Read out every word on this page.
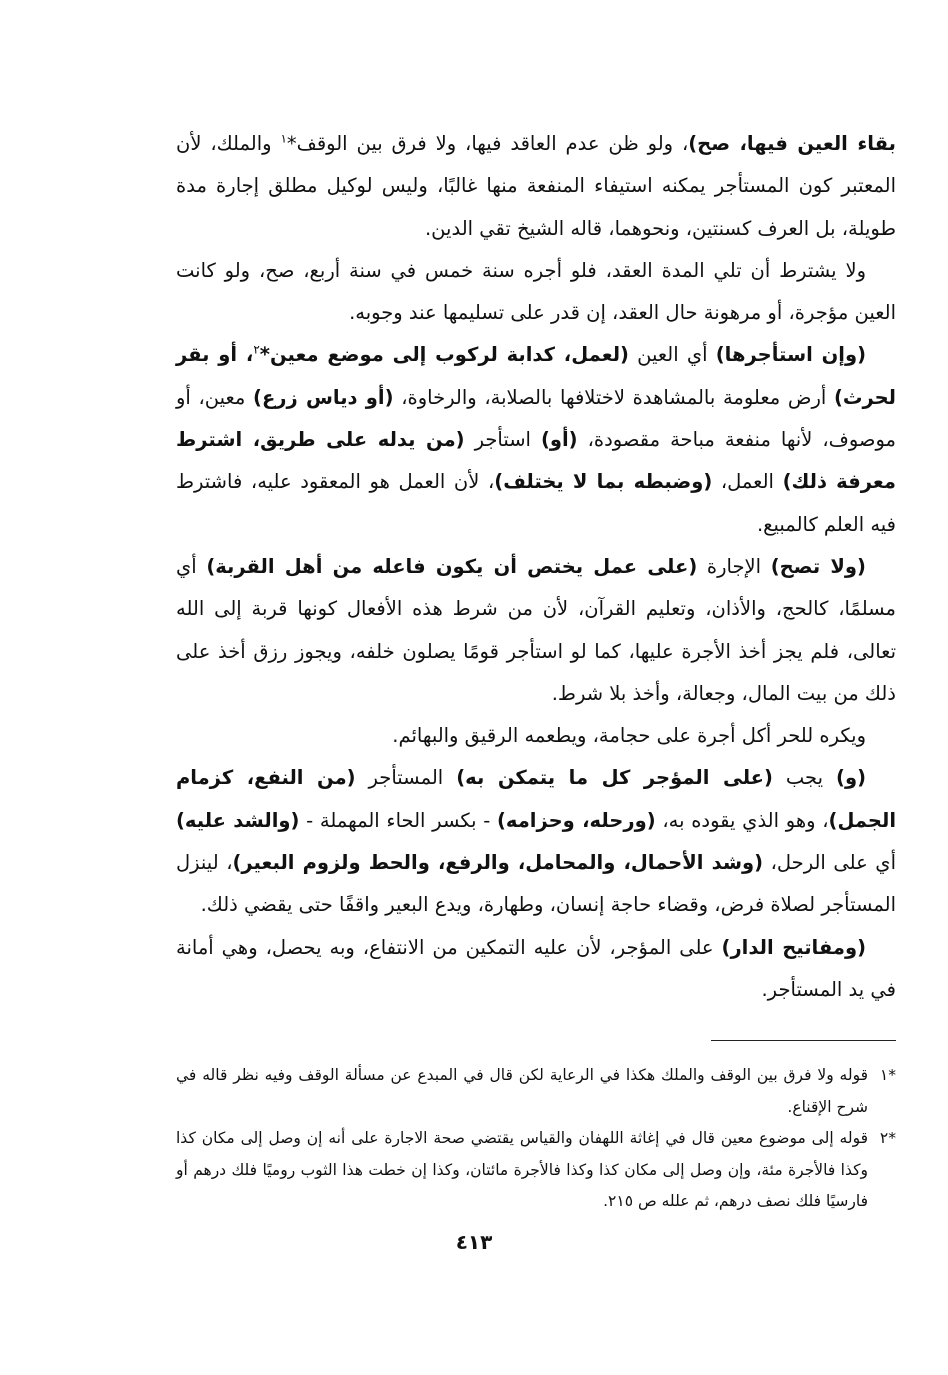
بقاء العين فيها، صح)، ولو ظن عدم العاقد فيها، ولا فرق بين الوقف*$^١$ والملك، لأن المعتبر كون المستأجر يمكنه استيفاء المنفعة منها غالبًا، وليس لوكيل مطلق إجارة مدة طويلة، بل العرف كسنتين، ونحوهما، قاله الشيخ تقي الدين.

ولا يشترط أن تلي المدة العقد، فلو أجره سنة خمس في سنة أربع، صح، ولو كانت العين مؤجرة، أو مرهونة حال العقد، إن قدر على تسليمها عند وجوبه.

(وإن استأجرها) أي العين (لعمل، كدابة لركوب إلى موضع معين*$^٢$، أو بقر لحرث) أرض معلومة بالمشاهدة لاختلافها بالصلابة، والرخاوة، (أو دياس زرع) معين، أو موصوف، لأنها منفعة مباحة مقصودة، (أو) استأجر (من يدله على طريق، اشترط معرفة ذلك) العمل، (وضبطه بما لا يختلف)، لأن العمل هو المعقود عليه، فاشترط فيه العلم كالمبيع.

(ولا تصح) الإجارة (على عمل يختص أن يكون فاعله من أهل القربة) أي مسلمًا، كالحج، والأذان، وتعليم القرآن، لأن من شرط هذه الأفعال كونها قربة إلى الله تعالى، فلم يجز أخذ الأجرة عليها، كما لو استأجر قومًا يصلون خلفه، ويجوز رزق أخذ على ذلك من بيت المال، وجعالة، وأخذ بلا شرط.

ويكره للحر أكل أجرة على حجامة، ويطعمه الرقيق والبهائم.

(و) يجب (على المؤجر كل ما يتمكن به) المستأجر (من النفع، كزمام الجمل)، وهو الذي يقوده به، (ورحله، وحزامه) - بكسر الحاء المهملة - (والشد عليه) أي على الرحل، (وشد الأحمال، والمحامل، والرفع، والحط ولزوم البعير)، لينزل المستأجر لصلاة فرض، وقضاء حاجة إنسان، وطهارة، ويدع البعير واقفًا حتى يقضي ذلك.

(ومفاتيح الدار) على المؤجر، لأن عليه التمكين من الانتفاع، وبه يحصل، وهي أمانة في يد المستأجر.

*١
قوله ولا فرق بين الوقف والملك هكذا في الرعاية لكن قال في المبدع عن مسألة الوقف وفيه نظر قاله في شرح الإقناع.
*٢
قوله إلى موضوع معين قال في إغاثة اللهفان والقياس يقتضي صحة الاجارة على أنه إن وصل إلى مكان كذا وكذا فالأجرة مئة، وإن وصل إلى مكان كذا وكذا فالأجرة مائتان، وكذا إن خطت هذا الثوب روميًا فلك درهم أو فارسيًا فلك نصف درهم، ثم علله ص ٢١٥.
٤١٣
